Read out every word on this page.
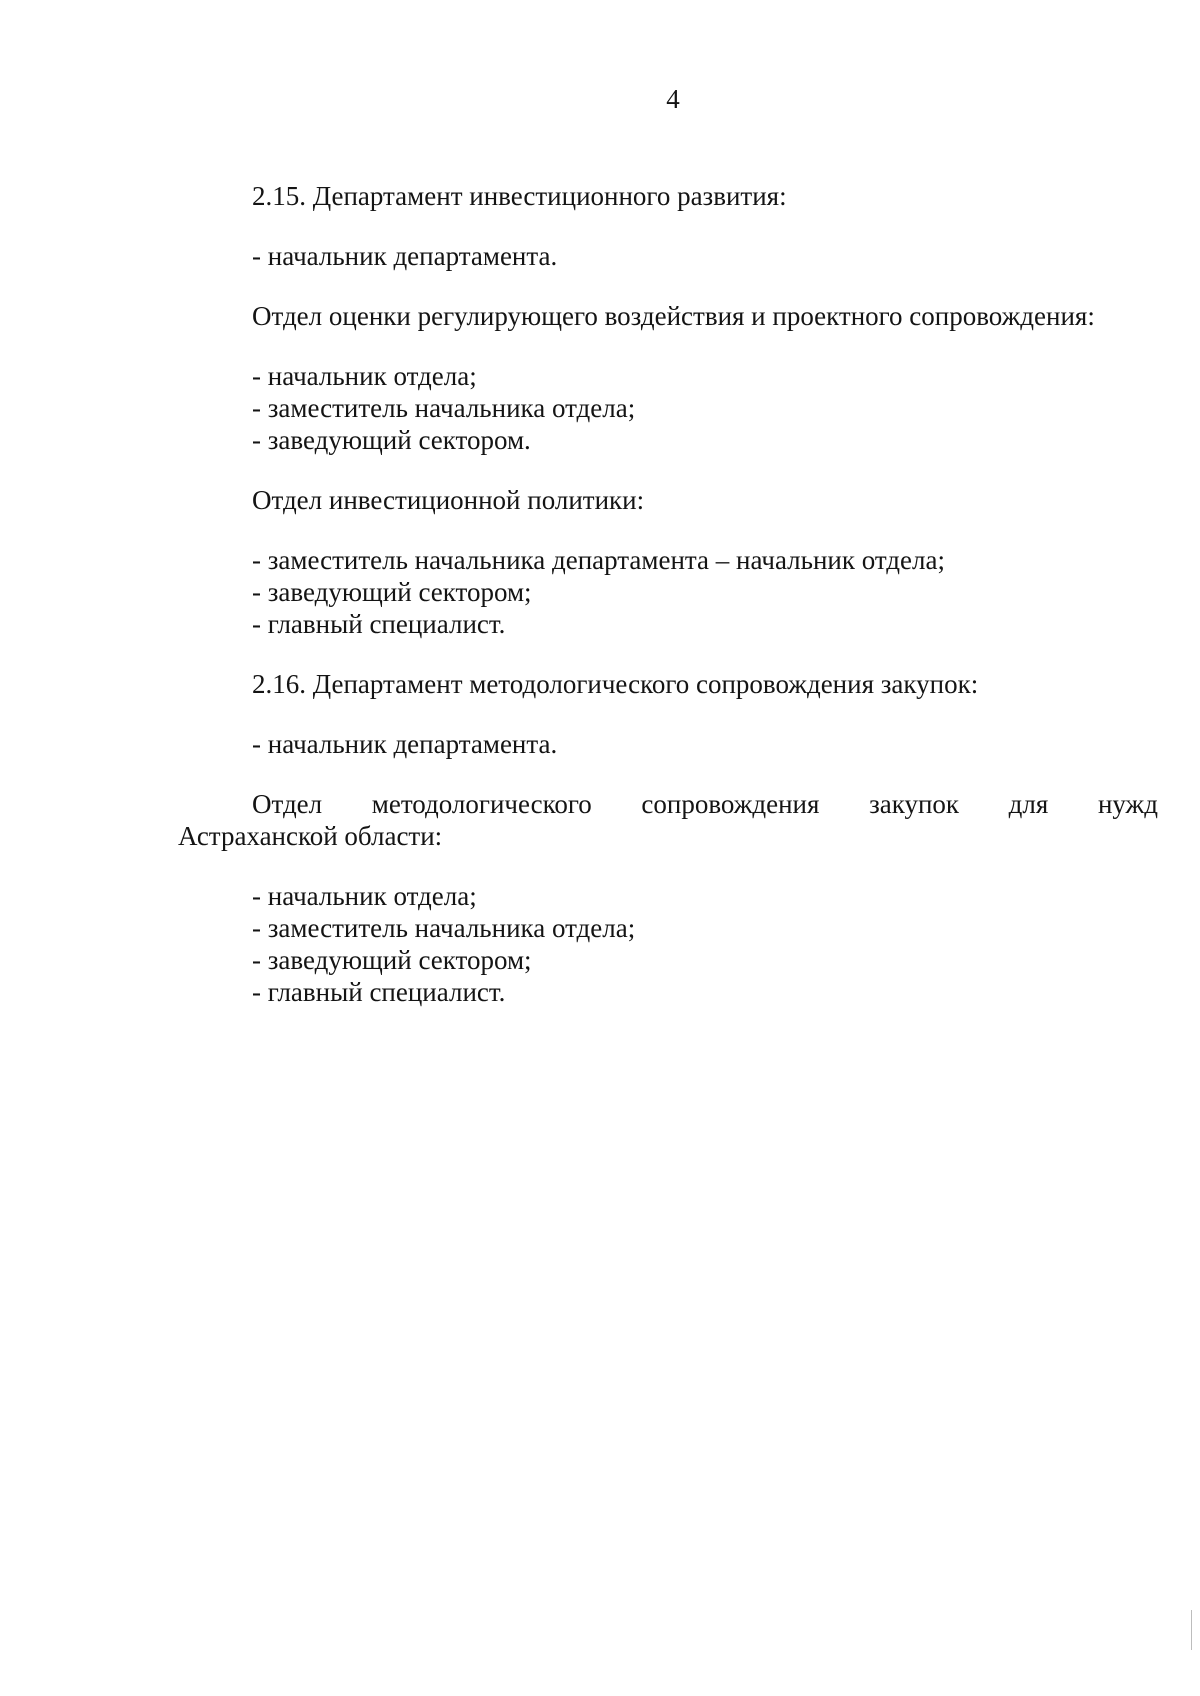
4

2.15. Департамент инвестиционного развития:

- начальник департамента.

Отдел оценки регулирующего воздействия и проектного сопровождения:

- начальник отдела;

- заместитель начальника отдела;

- заведующий сектором.

Отдел инвестиционной политики:

- заместитель начальника департамента – начальник отдела;

- заведующий сектором;

- главный специалист.

2.16. Департамент методологического сопровождения закупок:

- начальник департамента.

Отдел методологического сопровождения закупок для нужд
Астраханской области:

- начальник отдела;

- заместитель начальника отдела;

- заведующий сектором;

- главный специалист.
